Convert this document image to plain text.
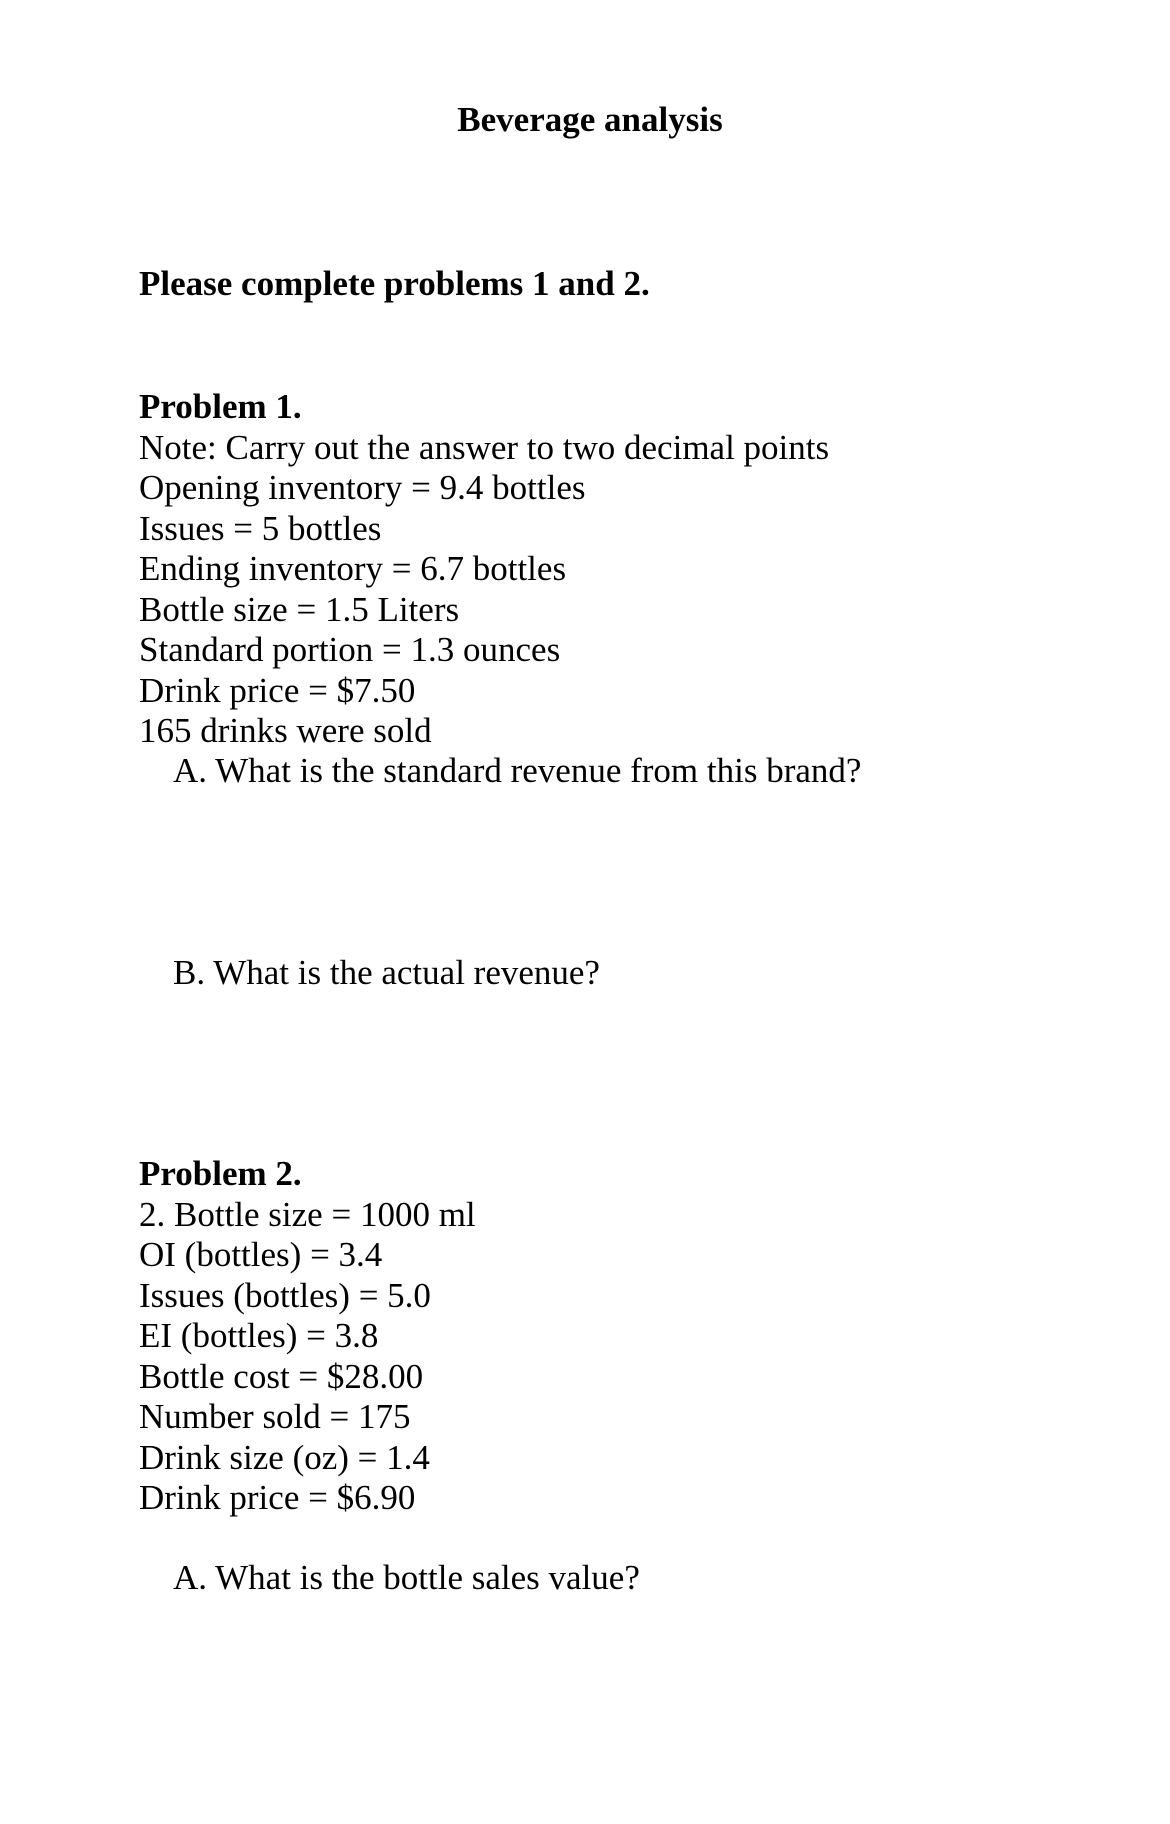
Beverage analysis

Please complete problems 1 and 2.

Problem 1.
Note: Carry out the answer to two decimal points
Opening inventory = 9.4 bottles
Issues = 5 bottles
Ending inventory = 6.7 bottles
Bottle size = 1.5 Liters
Standard portion = 1.3 ounces
Drink price = $7.50
165 drinks were sold

A. What is the standard revenue from this brand?

B. What is the actual revenue?

Problem 2.
2. Bottle size = 1000 ml
OI (bottles) = 3.4
Issues (bottles) = 5.0
EI (bottles) = 3.8
Bottle cost = $28.00
Number sold = 175
Drink size (oz) = 1.4
Drink price = $6.90

A. What is the bottle sales value?
